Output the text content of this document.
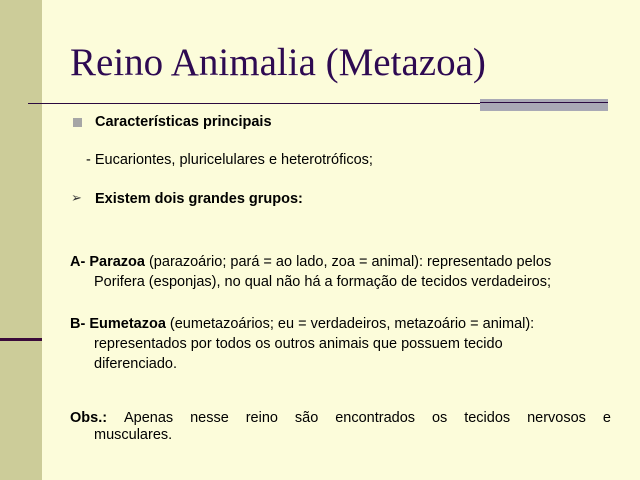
Reino Animalia (Metazoa)
Características principais
- Eucariontes, pluricelulares e heterotróficos;
➢ Existem dois grandes grupos:
A- Parazoa (parazoário; pará = ao lado, zoa = animal): representado pelos
Porifera (esponjas), no qual não há a formação de tecidos verdadeiros;
B- Eumetazoa (eumetazoários; eu = verdadeiros, metazoário = animal):
representados por todos os outros animais que possuem tecido
diferenciado.
Obs.: Apenas nesse reino são encontrados os tecidos nervosos e
musculares.
